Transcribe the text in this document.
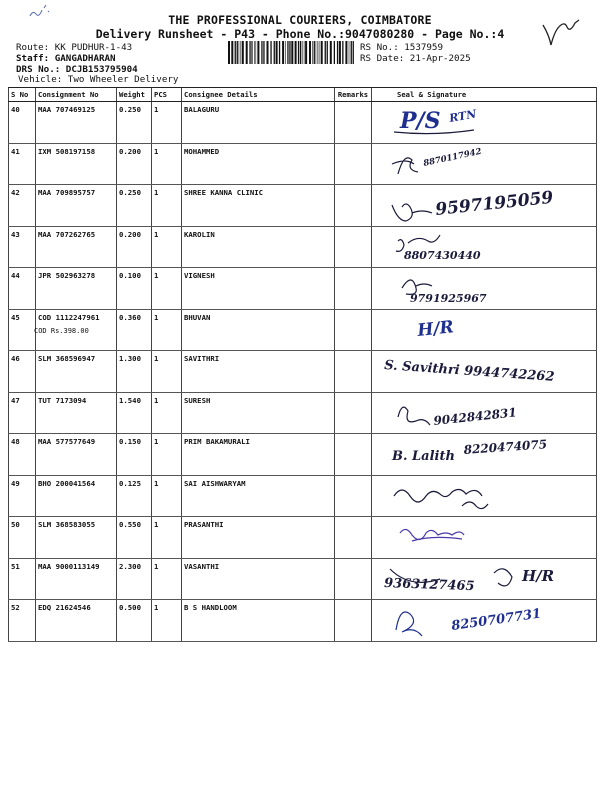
THE PROFESSIONAL COURIERS, COIMBATORE
Delivery Runsheet - P43 - Phone No.:9047080280 - Page No.:4
Route: KK PUDHUR-1-43
Staff: GANGADHARAN
DRS No.: DCJB153795904
Vehicle: Two Wheeler Delivery
RS No.: 1537959
RS Date: 21-Apr-2025
S No	Consignment No	Weight	PCS	Consignee Details	Remarks	Seal & Signature
40	MAA 707469125	0.250	1	BALAGURU		P/S RTN

41	IXM 508197158	0.200	1	MOHAMMED		8870117942

42	MAA 709895757	0.250	1	SHREE KANNA CLINIC		9597195059

43	MAA 707262765	0.200	1	KAROLIN		8807430440

44	JPR 502963278	0.100	1	VIGNESH		9791925967

45	COD 1112247961
COD Rs.398.00	0.360	1	BHUVAN		H/R

46	SLM 368596947	1.300	1	SAVITHRI		S. Savithri 9944742262

47	TUT 7173094	1.540	1	SURESH		9042842831

48	MAA 577577649	0.150	1	PRIM BAKAMURALI		B. Lalith 8220474075

49	BHO 200041564	0.125	1	SAI AISHWARYAM		

50	SLM 368583055	0.550	1	PRASANTHI		

51	MAA 9000113149	2.300	1	VASANTHI		9363127465
H/R

52	EDQ 21624546	0.500	1	B S HANDLOOM		8250707731
